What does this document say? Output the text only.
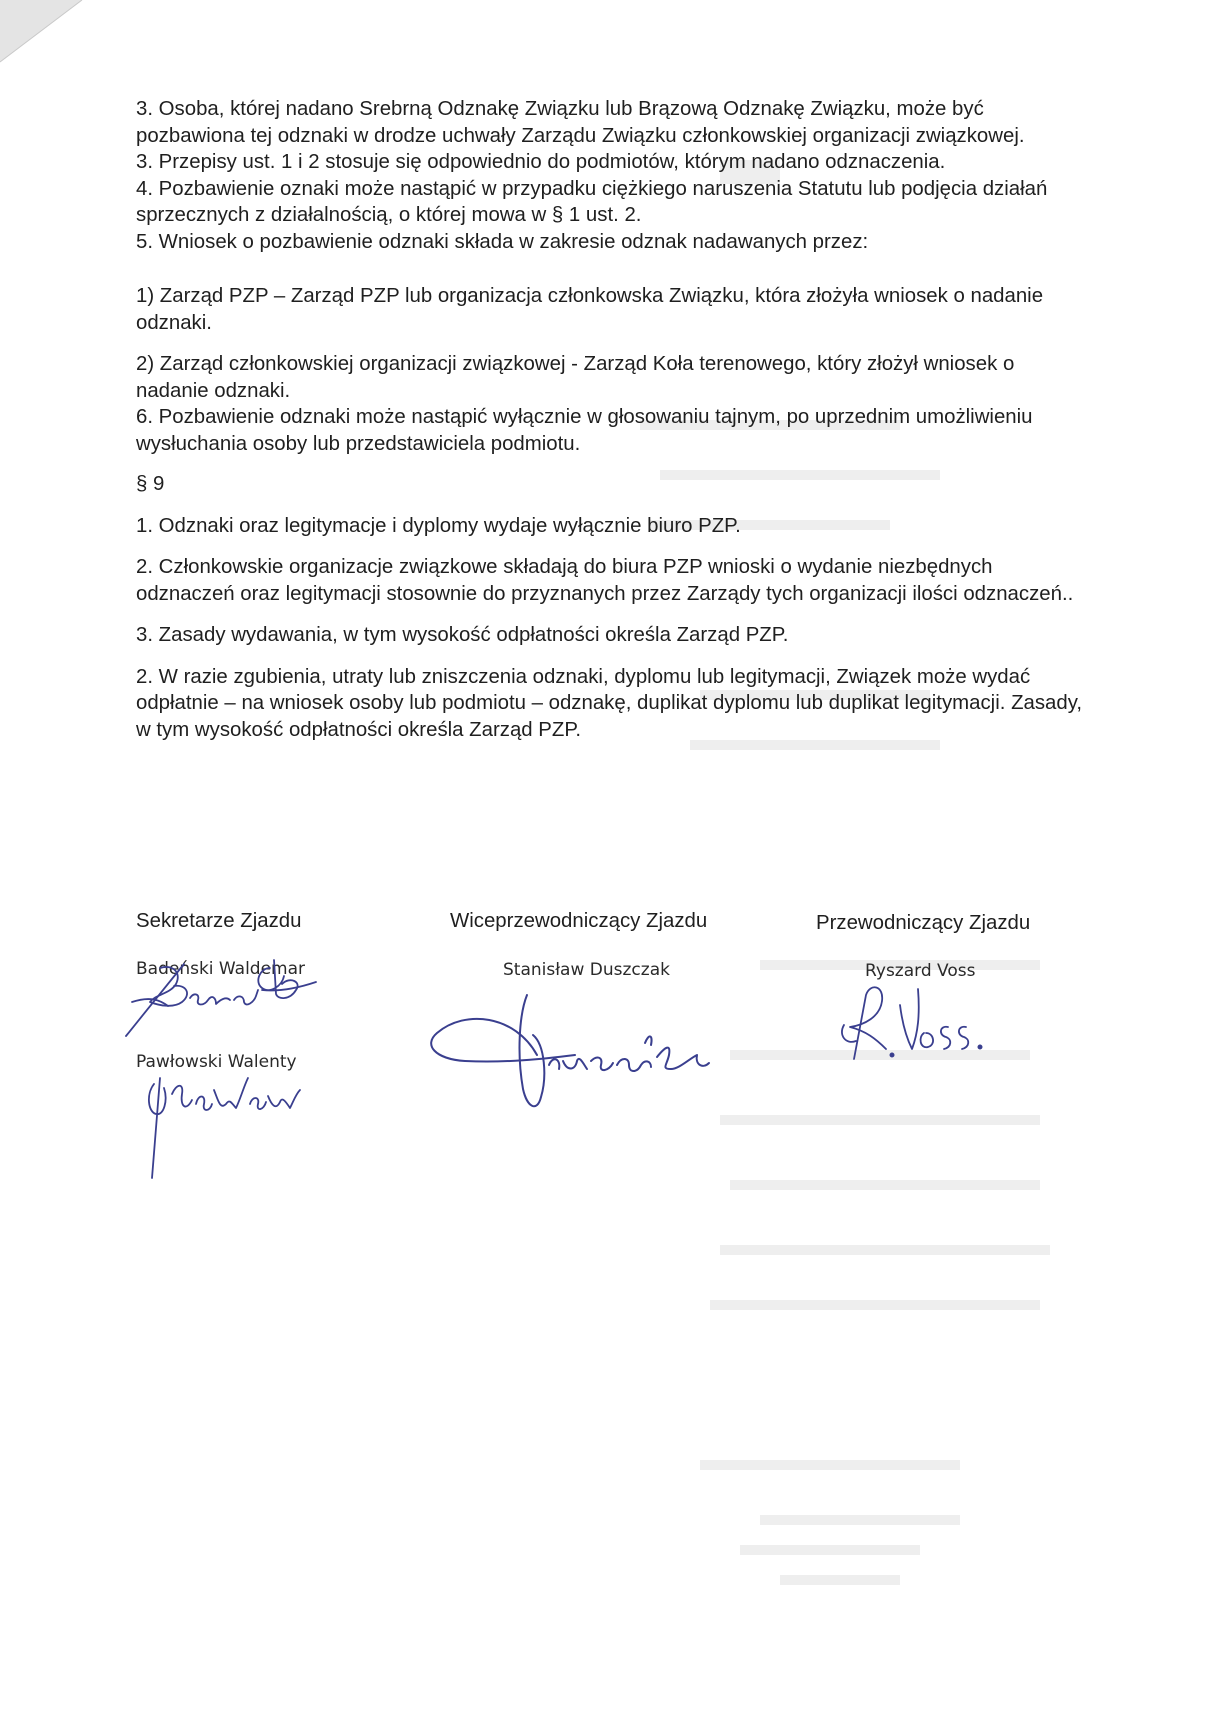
3. Osoba, której nadano Srebrną Odznakę Związku lub Brązową Odznakę Związku, może być pozbawiona tej odznaki w drodze uchwały Zarządu Związku członkowskiej organizacji związkowej.

3. Przepisy ust. 1 i 2 stosuje się odpowiednio do podmiotów, którym nadano odznaczenia.

4. Pozbawienie oznaki może nastąpić w przypadku ciężkiego naruszenia Statutu lub podjęcia działań sprzecznych z działalnością, o której mowa w § 1 ust. 2.

5. Wniosek o pozbawienie odznaki składa w zakresie odznak nadawanych przez:

1) Zarząd PZP – Zarząd PZP lub organizacja członkowska Związku, która złożyła wniosek o nadanie odznaki.

2) Zarząd członkowskiej organizacji związkowej - Zarząd Koła terenowego, który złożył wniosek o nadanie odznaki.

6. Pozbawienie odznaki może nastąpić wyłącznie w głosowaniu tajnym, po uprzednim umożliwieniu wysłuchania osoby lub przedstawiciela podmiotu.

§ 9

1. Odznaki oraz legitymacje i dyplomy wydaje wyłącznie biuro PZP.

2. Członkowskie organizacje związkowe składają do biura PZP wnioski o wydanie niezbędnych odznaczeń oraz legitymacji stosownie do przyznanych przez Zarządy tych organizacji ilości odznaczeń..

3. Zasady wydawania, w tym wysokość odpłatności określa Zarząd PZP.

2. W razie zgubienia, utraty lub zniszczenia odznaki, dyplomu lub legitymacji, Związek może wydać odpłatnie – na wniosek osoby lub podmiotu – odznakę, duplikat dyplomu lub duplikat legitymacji. Zasady, w tym wysokość odpłatności określa Zarząd PZP.

Sekretarze Zjazdu
Badeński Waldemar
Pawłowski Walenty
Wiceprzewodniczący Zjazdu
Stanisław Duszczak
Przewodniczący Zjazdu
Ryszard Voss
